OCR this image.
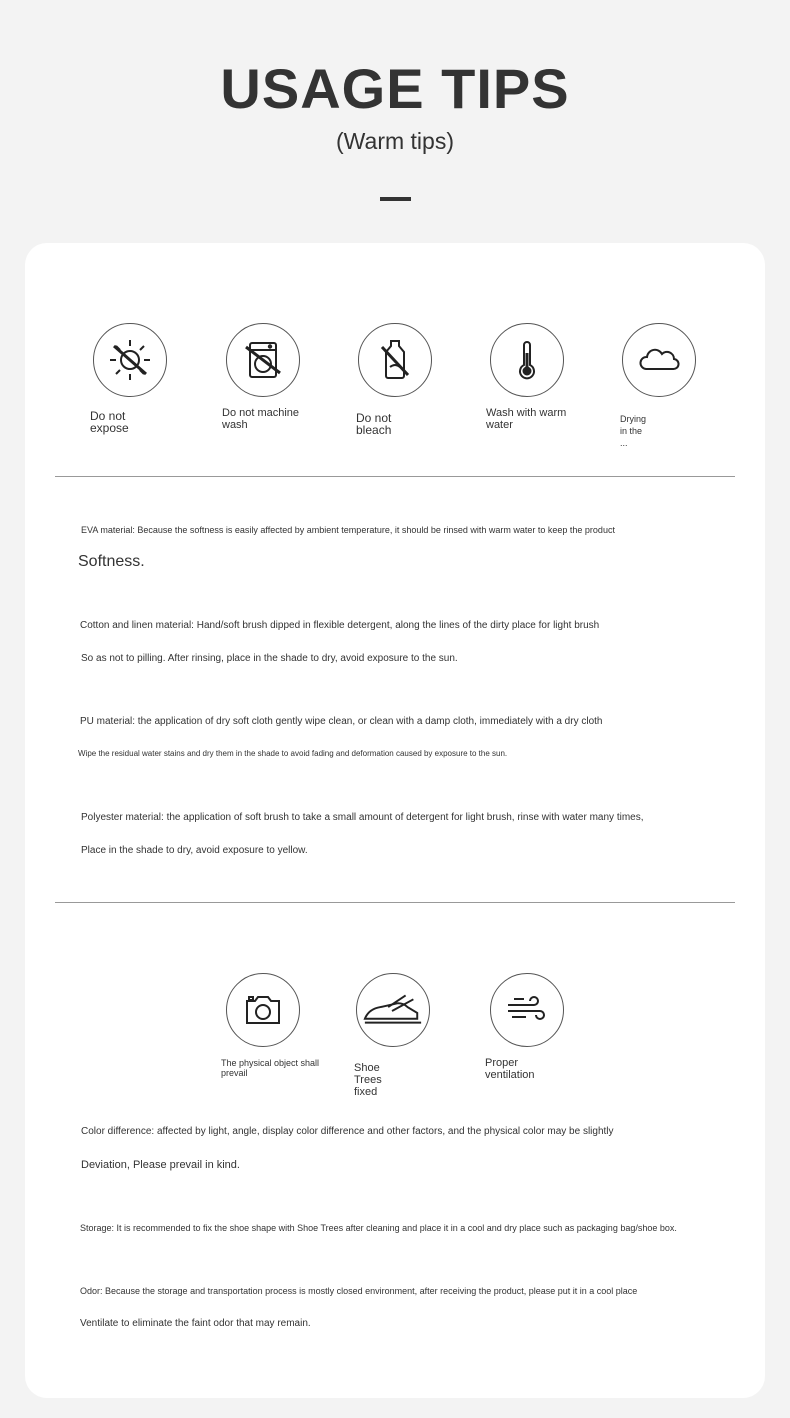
USAGE TIPS
(Warm tips)
Do not expose
Do not machine wash	Do not bleach
Wash with warm water	Drying in the ...
EVA material: Because the softness is easily affected by ambient temperature, it should be rinsed with warm water to keep the product
Softness.
Cotton and linen material: Hand/soft brush dipped in flexible detergent, along the lines of the dirty place for light brush
So as not to pilling. After rinsing, place in the shade to dry, avoid exposure to the sun.
PU material: the application of dry soft cloth gently wipe clean, or clean with a damp cloth, immediately with a dry cloth
Wipe the residual water stains and dry them in the shade to avoid fading and deformation caused by exposure to the sun.
Polyester material: the application of soft brush to take a small amount of detergent for light brush, rinse with water many times,
Place in the shade to dry, avoid exposure to yellow.
The physical object shall prevail	Shoe Trees fixed
Proper ventilation
Color difference: affected by light, angle, display color difference and other factors, and the physical color may be slightly
Deviation, Please prevail in kind.
Storage: It is recommended to fix the shoe shape with Shoe Trees after cleaning and place it in a cool and dry place such as packaging bag/shoe box.
Odor: Because the storage and transportation process is mostly closed environment, after receiving the product, please put it in a cool place
Ventilate to eliminate the faint odor that may remain.
